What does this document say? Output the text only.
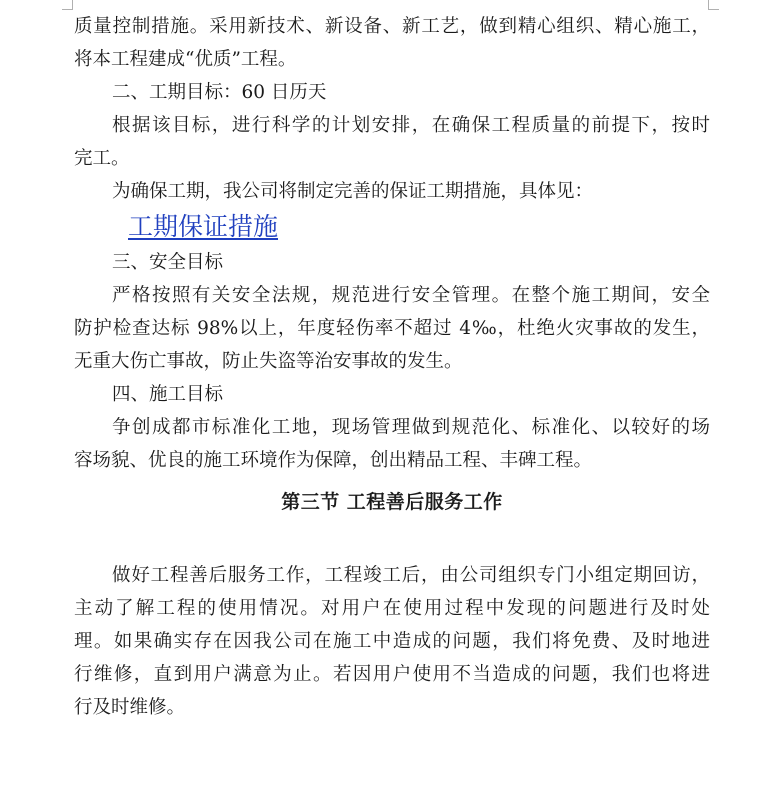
质量控制措施。采用新技术、新设备、新工艺，做到精心组织、精心施工，
将本工程建成“优质”工程。
二、工期目标：60 日历天
根据该目标，进行科学的计划安排，在确保工程质量的前提下，按时
完工。
为确保工期，我公司将制定完善的保证工期措施，具体见：
工期保证措施
三、安全目标
严格按照有关安全法规，规范进行安全管理。在整个施工期间，安全
防护检查达标 98%以上，年度轻伤率不超过 4‰，杜绝火灾事故的发生，
无重大伤亡事故，防止失盗等治安事故的发生。
四、施工目标
争创成都市标准化工地，现场管理做到规范化、标准化、以较好的场
容场貌、优良的施工环境作为保障，创出精品工程、丰碑工程。
第三节 工程善后服务工作
做好工程善后服务工作，工程竣工后，由公司组织专门小组定期回访，
主动了解工程的使用情况。对用户在使用过程中发现的问题进行及时处
理。如果确实存在因我公司在施工中造成的问题，我们将免费、及时地进
行维修，直到用户满意为止。若因用户使用不当造成的问题，我们也将进
行及时维修。
